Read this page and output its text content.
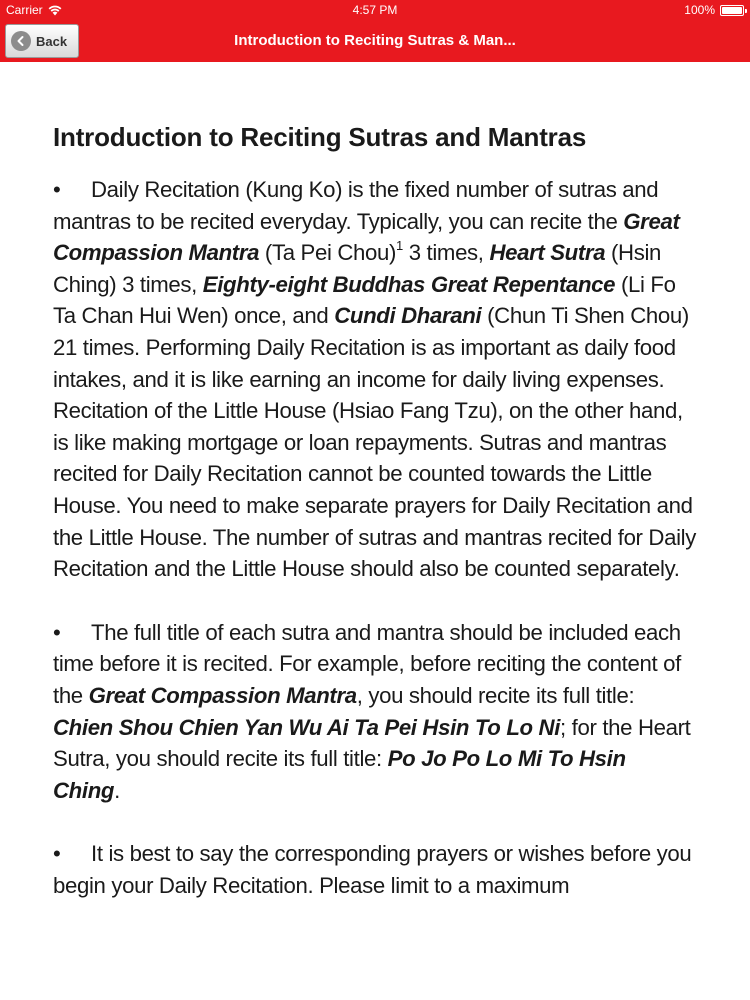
Carrier	4:57 PM	100%
Back	Introduction to Reciting Sutras & Man...
Introduction to Reciting Sutras and Mantras

• Daily Recitation (Kung Ko) is the fixed number of sutras and mantras to be recited everyday. Typically, you can recite the Great Compassion Mantra (Ta Pei Chou)$^1$ 3 times, Heart Sutra (Hsin Ching) 3 times, Eighty-eight Buddhas Great Repentance (Li Fo Ta Chan Hui Wen) once, and Cundi Dharani (Chun Ti Shen Chou) 21 times. Performing Daily Recitation is as important as daily food intakes, and it is like earning an income for daily living expenses. Recitation of the Little House (Hsiao Fang Tzu), on the other hand, is like making mortgage or loan repayments. Sutras and mantras recited for Daily Recitation cannot be counted towards the Little House. You need to make separate prayers for Daily Recitation and the Little House. The number of sutras and mantras recited for Daily Recitation and the Little House should also be counted separately.

• The full title of each sutra and mantra should be included each time before it is recited. For example, before reciting the content of the Great Compassion Mantra, you should recite its full title: Chien Shou Chien Yan Wu Ai Ta Pei Hsin To Lo Ni; for the Heart Sutra, you should recite its full title: Po Jo Po Lo Mi To Hsin Ching.

• It is best to say the corresponding prayers or wishes before you begin your Daily Recitation. Please limit to a maximum
